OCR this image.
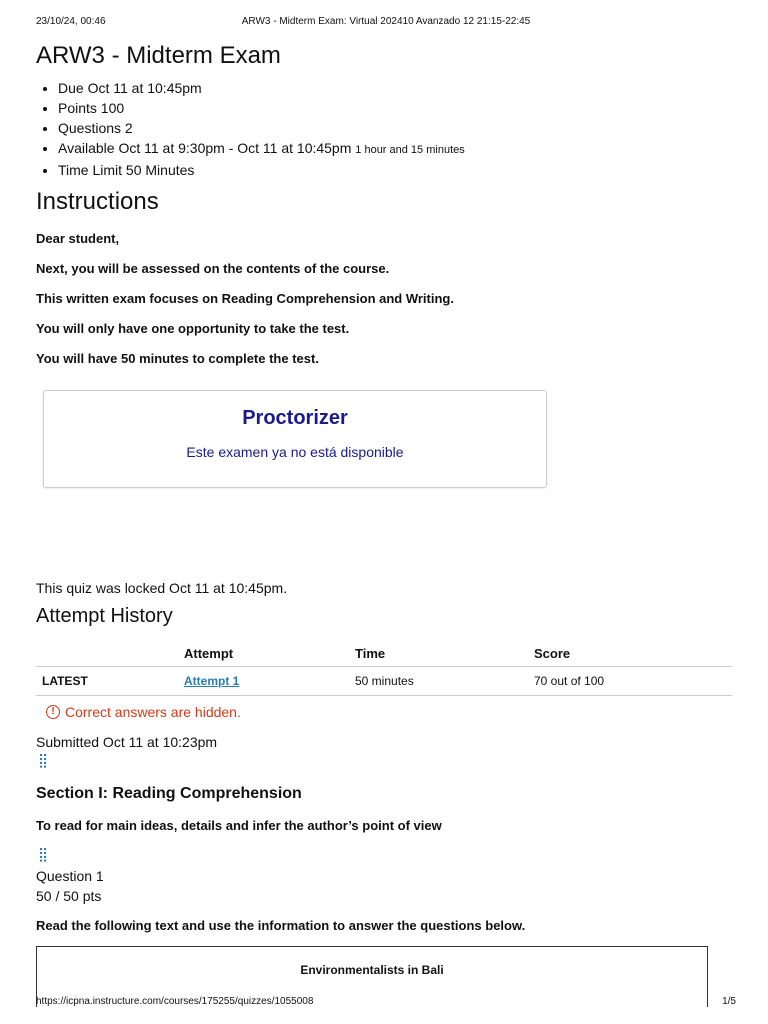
23/10/24, 00:46	ARW3 - Midterm Exam: Virtual 202410 Avanzado 12 21:15-22:45
ARW3 - Midterm Exam
• Due Oct 11 at 10:45pm
• Points 100
• Questions 2
• Available Oct 11 at 9:30pm - Oct 11 at 10:45pm 1 hour and 15 minutes
• Time Limit 50 Minutes
Instructions

Dear student,

Next, you will be assessed on the contents of the course.

This written exam focuses on Reading Comprehension and Writing.

You will only have one opportunity to take the test.

You will have 50 minutes to complete the test.

Proctorizer
Este examen ya no está disponible
This quiz was locked Oct 11 at 10:45pm.
Attempt History
	Attempt	Time	Score
LATEST	Attempt 1	50 minutes	70 out of 100
! Correct answers are hidden.
Submitted Oct 11 at 10:23pm
⣿
Section I: Reading Comprehension
To read for main ideas, details and infer the author’s point of view
⣿
Question 1
50 / 50 pts
Read the following text and use the information to answer the questions below.
Environmentalists in Bali
https://icpna.instructure.com/courses/175255/quizzes/1055008	1/5
